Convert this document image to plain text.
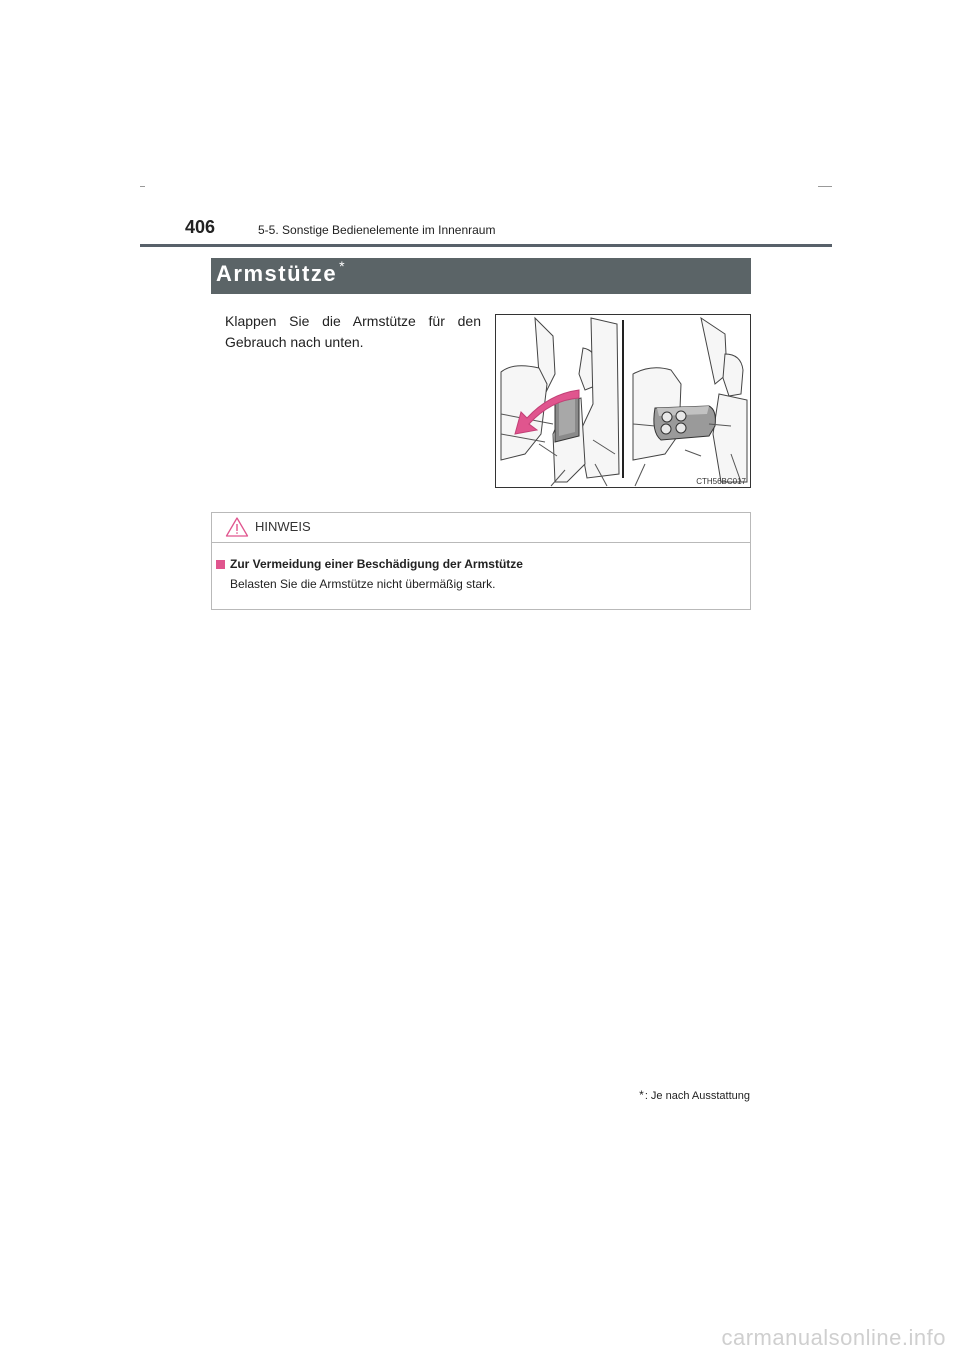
406	5-5. Sonstige Bedienelemente im Innenraum
Armstütze *
Klappen Sie die Armstütze für den Gebrauch nach unten.
CTH56BC017
HINWEIS
Zur Vermeidung einer Beschädigung der Armstütze
Belasten Sie die Armstütze nicht übermäßig stark.
*: Je nach Ausstattung
carmanualsonline.info
